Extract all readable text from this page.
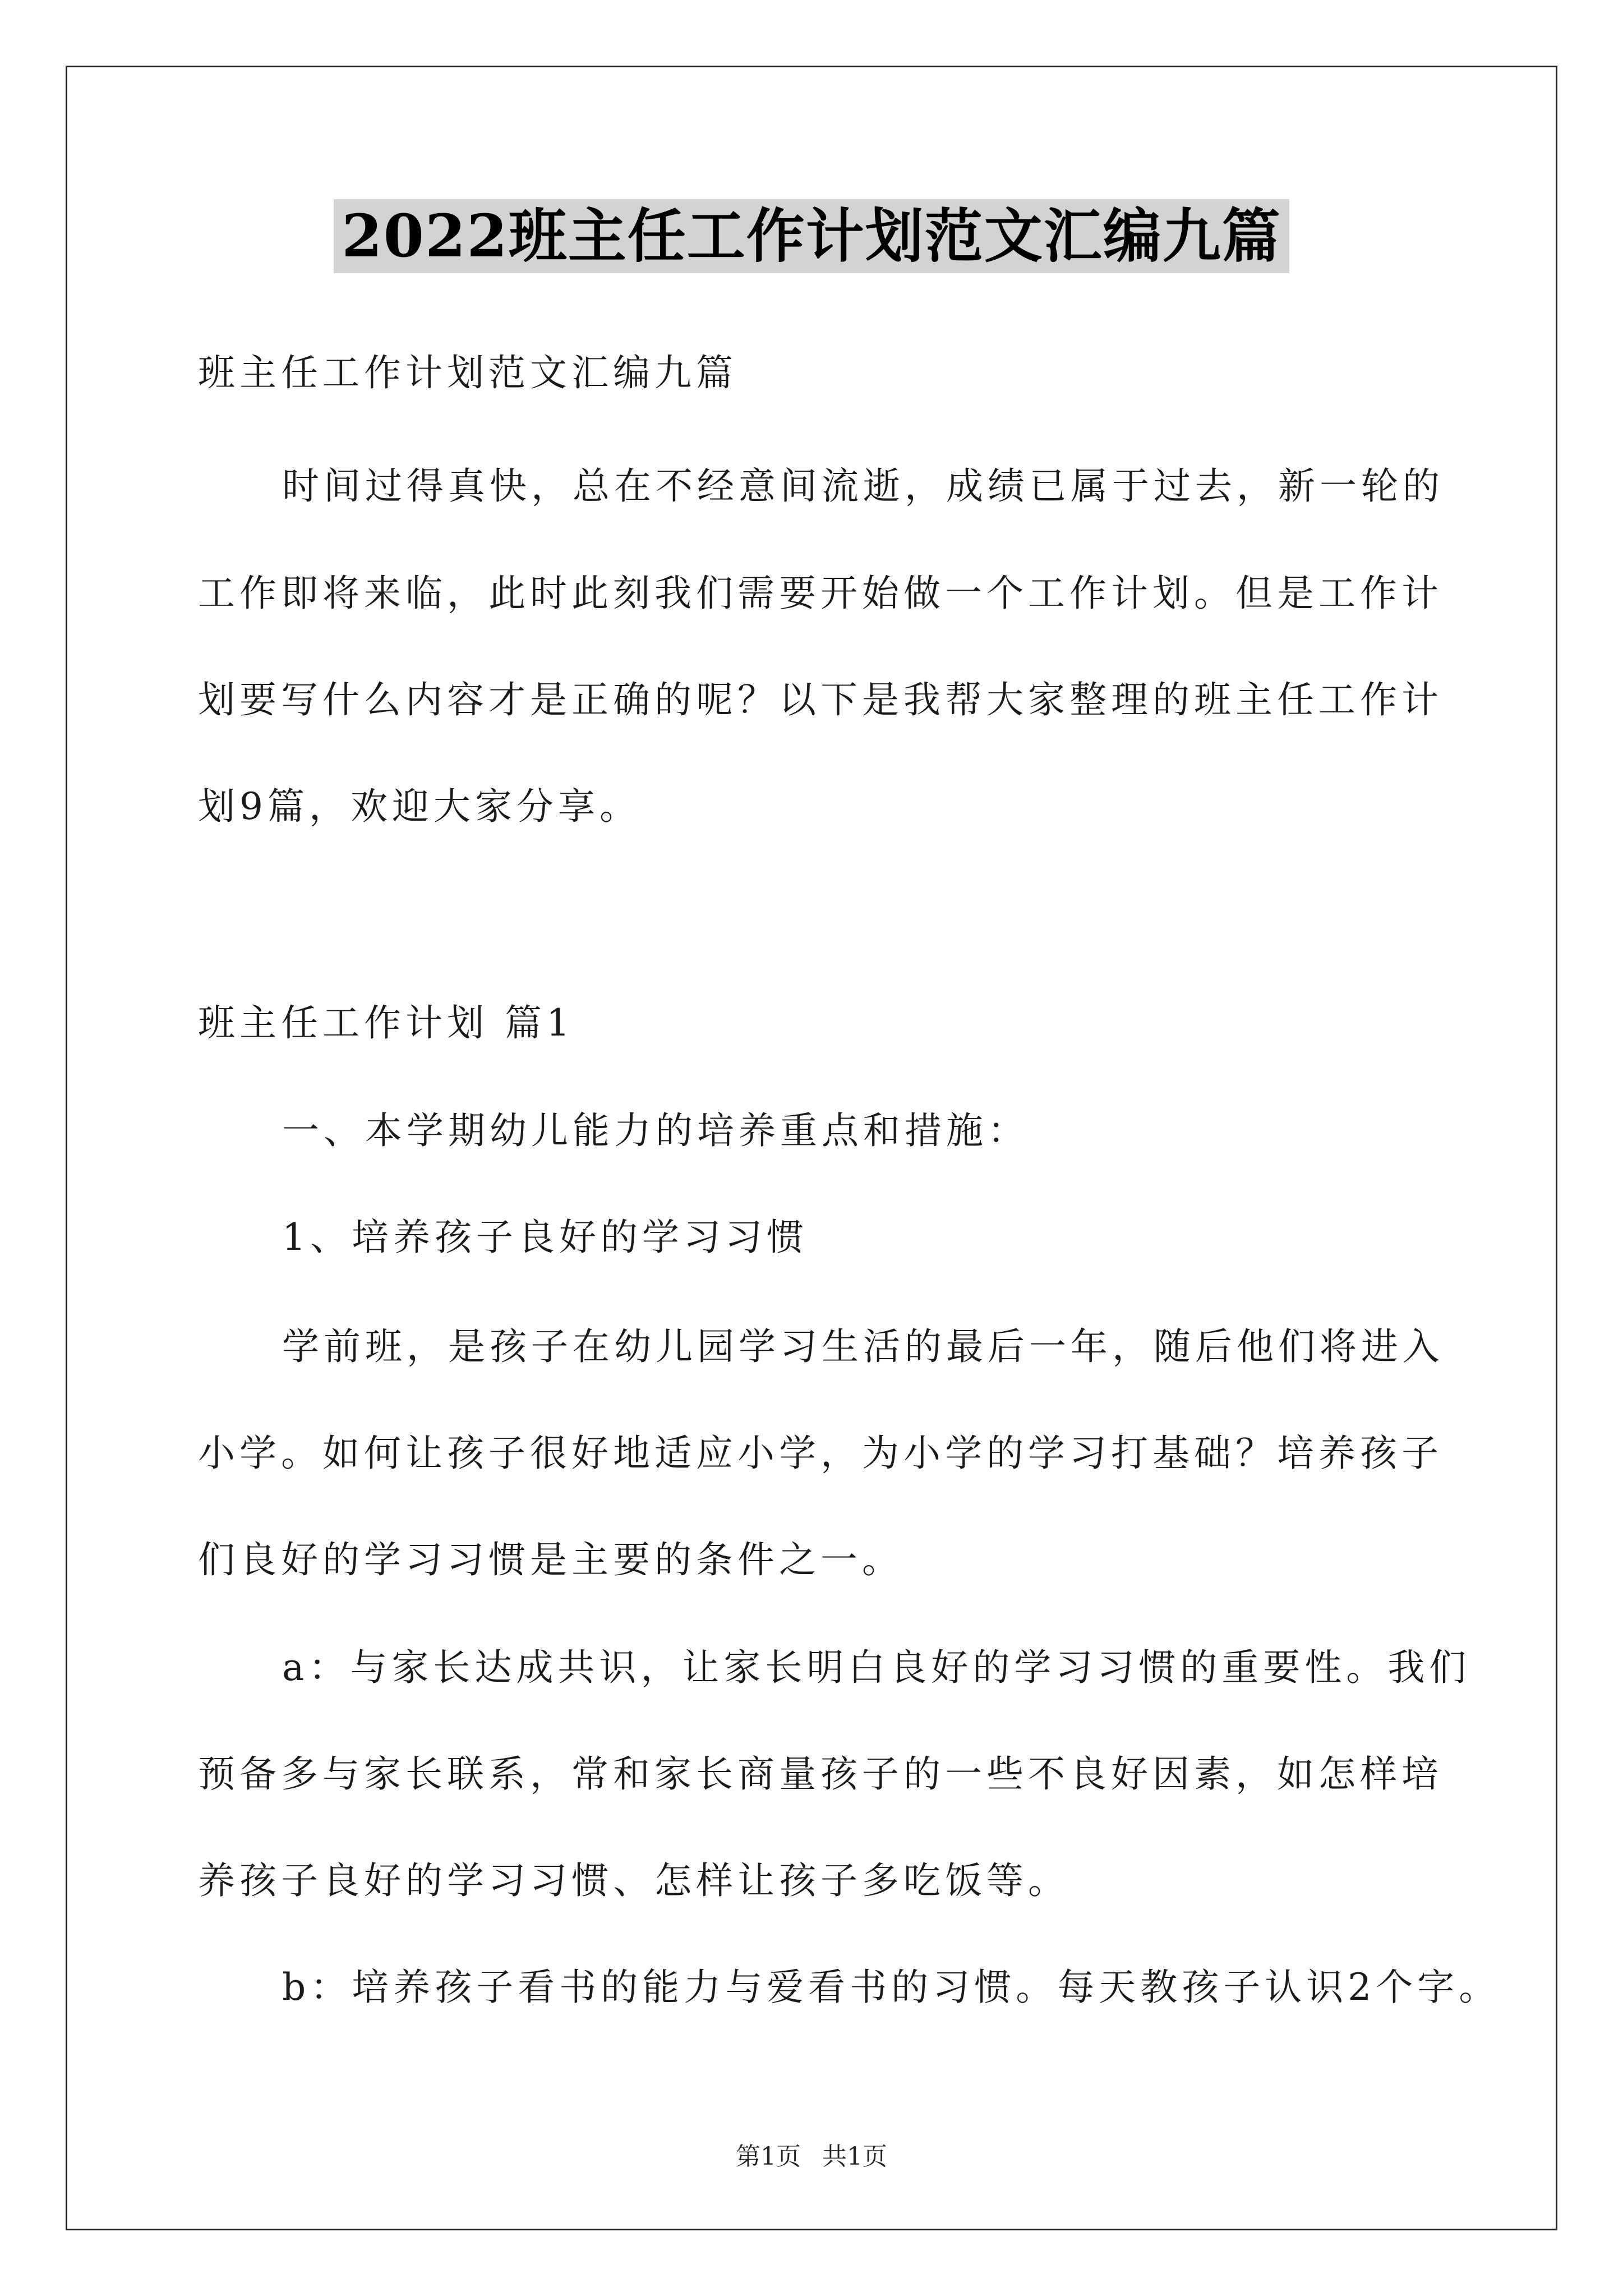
2022班主任工作计划范文汇编九篇

班主任工作计划范文汇编九篇

时间过得真快，总在不经意间流逝，成绩已属于过去，新一轮的

工作即将来临，此时此刻我们需要开始做一个工作计划。但是工作计

划要写什么内容才是正确的呢？以下是我帮大家整理的班主任工作计

划9篇，欢迎大家分享。

班主任工作计划 篇1

一、本学期幼儿能力的培养重点和措施：

1、培养孩子良好的学习习惯

学前班，是孩子在幼儿园学习生活的最后一年，随后他们将进入

小学。如何让孩子很好地适应小学，为小学的学习打基础？培养孩子

们良好的学习习惯是主要的条件之一。

a：与家长达成共识，让家长明白良好的学习习惯的重要性。我们

预备多与家长联系，常和家长商量孩子的一些不良好因素，如怎样培

养孩子良好的学习习惯、怎样让孩子多吃饭等。

b：培养孩子看书的能力与爱看书的习惯。每天教孩子认识2个字。

第1页 共1页
